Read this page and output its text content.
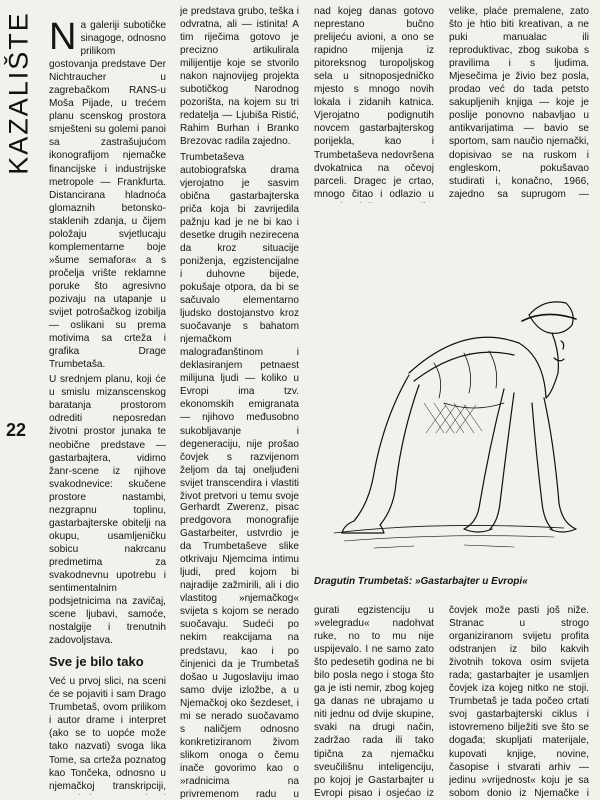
KAZALIŠTE
22

N a galeriji subotičke sinagoge, odnosno prilikom gostovanja predstave Der Nichtraucher u zagrebačkom RANS-u Moša Pijade, u trećem planu scenskog prostora smješteni su golemi panoi sa zastrašujućom ikonografijom njemačke financijske i industrijske metropole — Frankfurta. Distancirana hladnoća glomaznih betonsko-staklenih zdanja, u čijem položaju svjetlucaju komplementarne boje »šume semafora« a s pročelja vriŝte reklamne poruke što agresivno pozivaju na utapanje u svijet potrošačkog izobilja — oslikani su prema motivima sa crteža i grafika Drage Trumbetaša.

U srednjem planu, koji će u smislu mizanscenskog baratanja prostorom odrediti neposredan životni prostor junaka te neobične predstave — gastarbajtera, vidimo žanr-scene iz njihove svakodnevice: skučene prostore nastambi, nezgrapnu toplinu, gastarbajterske obitelji na okupu, usamljeničku sobicu nakrcanu predmetima za svakodnevnu upotrebu i sentimentalnim podsjetnicima na zavičaj, scene ljubavi, samoće, nostalgije i trenutnih zadovoljstava.

Sve je bilo tako

Već u prvoj slici, na sceni će se pojaviti i sam Drago Trumbetaš, ovom prilikom i autor drame i interpret (ako se to uopće može tako nazvati) svoga lika Tome, sa crteža poznatog kao Tončeka, odnosno u njemačkoj transkripciji,

je predstava grubo, teška i odvratna, ali — istinita! A tim riječima gotovo je precizno artikulirala milijentije koje se stvorilo nakon najnovijeg projekta subotičkog Narodnog pozorišta, na kojem su tri redatelja — Ljubiša Ristić, Rahim Burhan i Branko Brezovac radila zajedno.

Trumbetaševa autobiografska drama vjerojatno je sasvim obična gastarbajterska priča koja bi zavrijedila pažnju kad je ne bi kao i desetke drugih nezirecena da kroz situacije poniženja, egzistencijalne i duhovne bijede, pokušaje otpora, da bi se sačuvalo elementarno ljudsko dostojanstvo kroz suočavanje s bahatom njemačkom malograđanštinom i deklasiranjem petnaest milijuna ljudi — koliko u Evropi ima tzv. ekonomskih emigranata — njihovo međusobno sukobljavanje i degeneraciju, nije prošao čovjek s razvijenom željom da taj oneljuđeni svijet transcendira i vlastiti život pretvori u temu svoje

Gerhardt Zwerenz, pisac predgovora monografije Gastarbeiter, ustvrdio je da Trumbetaševe slike otkrivaju Njemcima intimu ljudi, pred kojom bi najradije zažmirili, ali i dio vlastitog »njemačkog« svijeta s kojom se nerado suočavaju. Sudeći po nekim reakcijama na predstavu, kao i po činjenici da je Trumbetaš došao u Jugoslaviju imao samo dvije izložbe, a u Njemačkoj oko šezdeset, i mi se nerado suočavamo s naličjem odnosno konkretiziranom živom slikom onoga o čemu inače govorimo kao o »radnicima na privremenom radu u

nad kojeg danas gotovo neprestano bučno prelijeću avioni, a ono se rapidno mijenja iz pitoreksnog turopoljskog sela u sitnoposjedničko mjesto s mnogo novih lokala i zidanih katnica. Vjerojatno podignutih novcem gastarbajterskog porijekla, kao i Trumbetaševa nedovršena dvokatnica na očevoj parceli. Dragec je crtao, mnogo čitao i odlazio u

velike, plaće premalene, zato što je htio biti kreativan, a ne puki manualac ili reproduktivac, zbog sukoba s pravilima i s ljudima. Mjesečima je živio bez posla, prodao već do tada petsto sakupljenih knjiga — koje je poslije ponovno nabavljao u antikvarijatima — bavio se sportom, sam naučio njemački, dopisivao se na ruskom i engleskom, pokušavao studirati i, konačno, 1966, zajedno sa suprugom —

Dragutin Trumbetaš: »Gastarbajter u Evropi«

gurati egzistenciju u »velegradu« nadohvat ruke, no to mu nije uspijevalo. I ne samo zato što pedesetih godina ne bi bilo posla nego i stoga što ga je isti nemir, zbog kojeg ga danas ne ubrajamo u niti jednu od dvije skupine, svaki na drugi način, zadržao rada ili tako tipična za njemačku sveučilišnu inteligenciju, po kojoj je Gastarbajter u Evropi pisao i osjećao iz

čovjek može pasti još niže. Stranac u strogo organiziranom svijetu profita odstranjen iz bilo kakvih životnih tokova osim svijeta rada; gastarbajter je usamljen čovjek iza kojeg nitko ne stoji. Trumbetaš je tada počeo crtati svoj gastarbajterski ciklus i istovremeno bilježiti sve što se događa; skupljati materijale, kupovati knjige, novine, časopise i stvarati arhiv — jedinu »vrijednost« koju je sa sobom donio iz Njemačke i
